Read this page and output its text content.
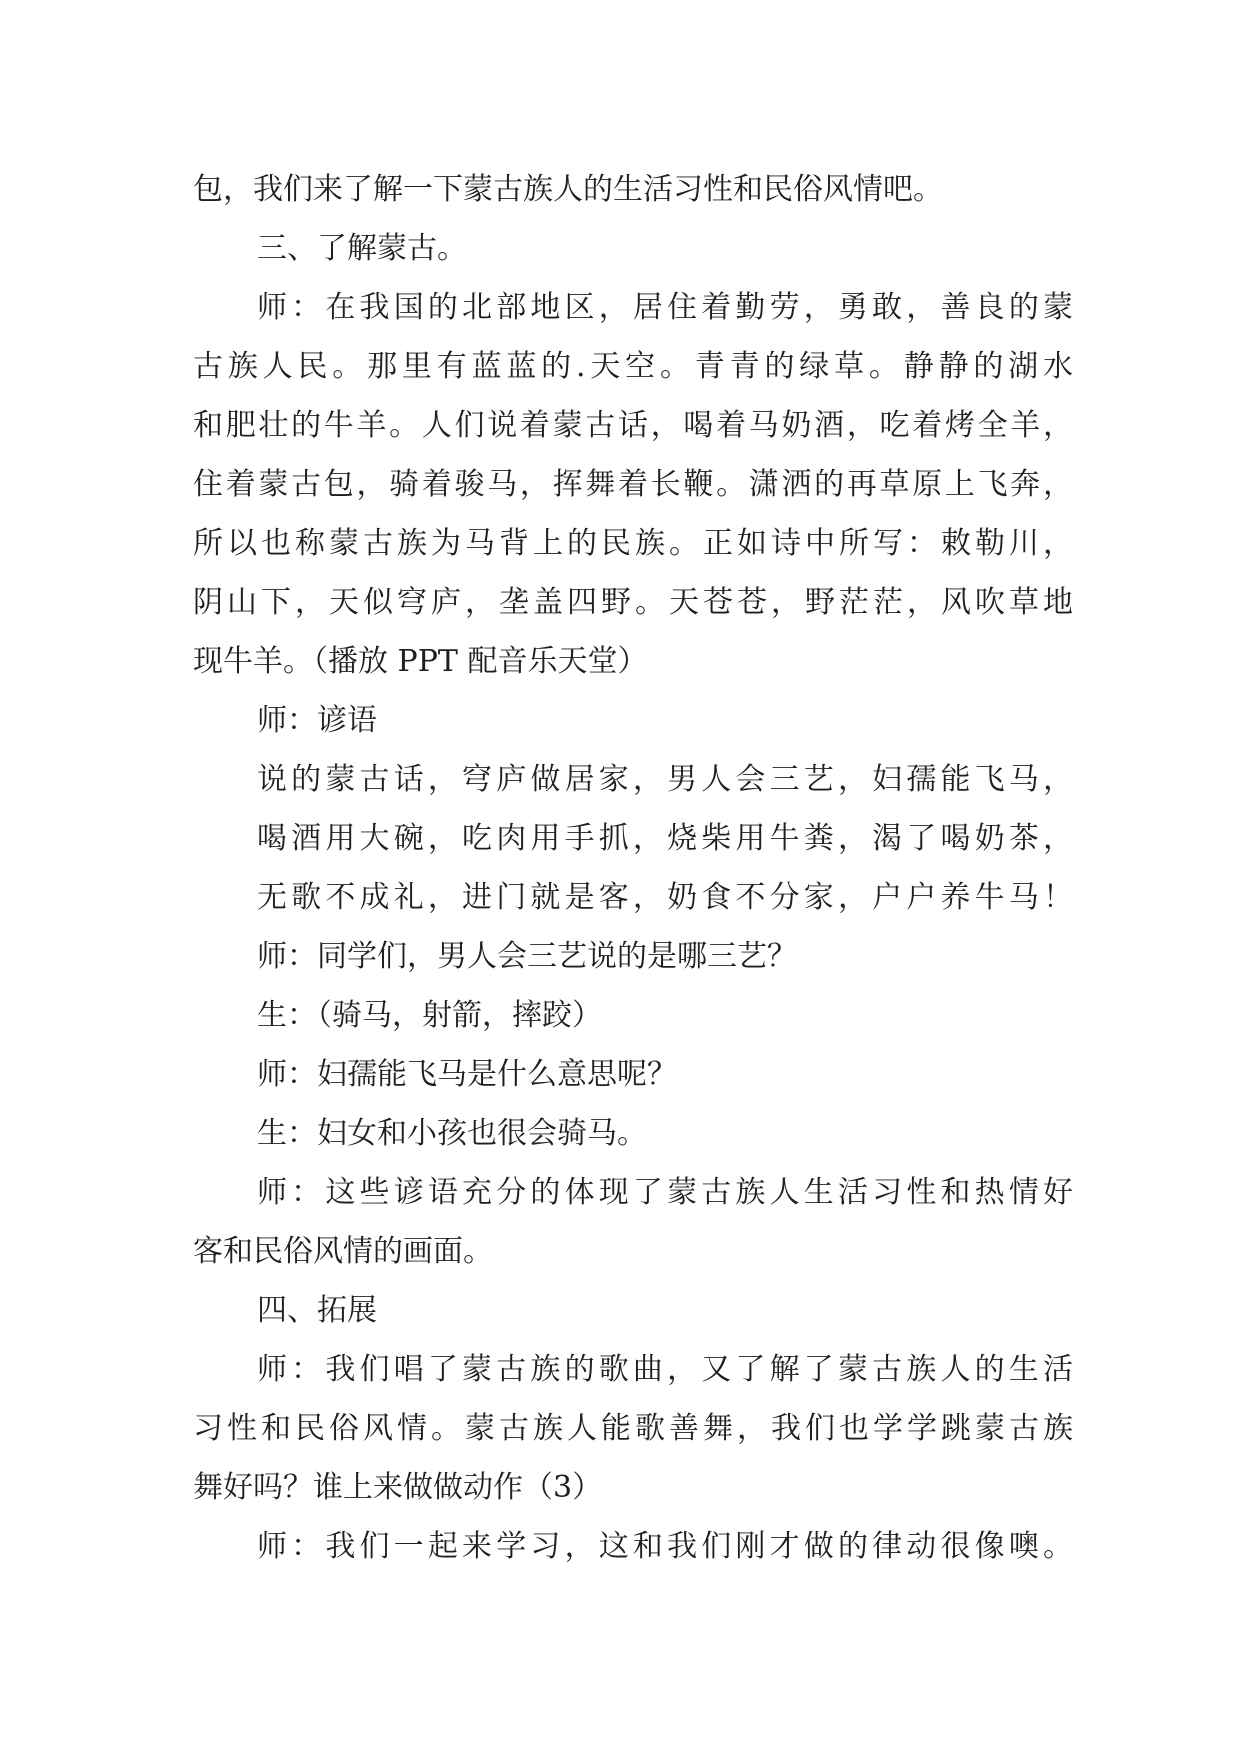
包，我们来了解一下蒙古族人的生活习性和民俗风情吧。
三、了解蒙古。
师：在我国的北部地区，居住着勤劳，勇敢，善良的蒙
古族人民。那里有蓝蓝的.天空。青青的绿草。静静的湖水
和肥壮的牛羊。人们说着蒙古话，喝着马奶酒，吃着烤全羊，
住着蒙古包，骑着骏马，挥舞着长鞭。潇洒的再草原上飞奔，
所以也称蒙古族为马背上的民族。正如诗中所写：敕勒川，
阴山下，天似穹庐，垄盖四野。天苍苍，野茫茫，风吹草地
现牛羊。（播放 PPT 配音乐天堂）
师：谚语
说的蒙古话，穹庐做居家，男人会三艺，妇孺能飞马，
喝酒用大碗，吃肉用手抓，烧柴用牛粪，渴了喝奶茶，
无歌不成礼，进门就是客，奶食不分家，户户养牛马！
师：同学们，男人会三艺说的是哪三艺？
生：（骑马，射箭，摔跤）
师：妇孺能飞马是什么意思呢？
生：妇女和小孩也很会骑马。
师：这些谚语充分的体现了蒙古族人生活习性和热情好
客和民俗风情的画面。
四、拓展
师：我们唱了蒙古族的歌曲，又了解了蒙古族人的生活
习性和民俗风情。蒙古族人能歌善舞，我们也学学跳蒙古族
舞好吗？谁上来做做动作（3）
师：我们一起来学习，这和我们刚才做的律动很像噢。
